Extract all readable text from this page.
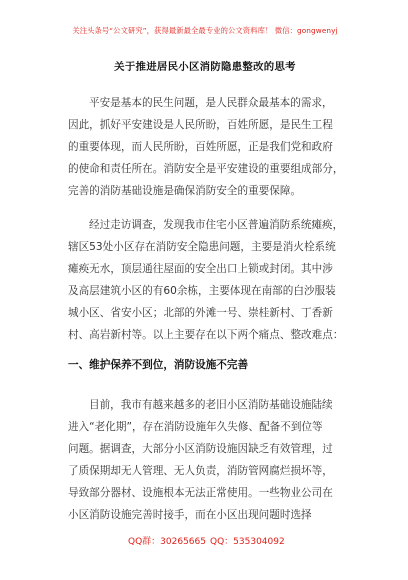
关注头条号“公文研究”，获得最新最全最专业的公文资料库！ 微信：gongwenyj
关于推进居民小区消防隐患整改的思考
平安是基本的民生问题，是人民群众最基本的需求，
因此，抓好平安建设是人民所盼，百姓所愿，是民生工程
的重要体现，而人民所盼，百姓所愿，正是我们党和政府
的使命和责任所在。消防安全是平安建设的重要组成部分，
完善的消防基础设施是确保消防安全的重要保障。
经过走访调查，发现我市住宅小区普遍消防系统瘫痪，
辖区53处小区存在消防安全隐患问题，主要是消火栓系统
瘫痪无水，顶层通往屋面的安全出口上锁或封闭。其中涉
及高层建筑小区的有60余栋，主要体现在南部的白沙服装
城小区、省安小区；北部的外滩一号、崇桂新村、丁香新
村、高岩新村等。以上主要存在以下两个痛点、整改难点：
一、维护保养不到位，消防设施不完善
目前，我市有越来越多的老旧小区消防基础设施陆续
进入“老化期”，存在消防设施年久失修、配备不到位等
问题。据调查，大部分小区消防设施因缺乏有效管理，过
了质保期却无人管理、无人负责，消防管网腐烂损坏等，
导致部分器材、设施根本无法正常使用。一些物业公司在
小区消防设施完善时接手，而在小区出现问题时选择
QQ群：30265665 QQ：535304092
